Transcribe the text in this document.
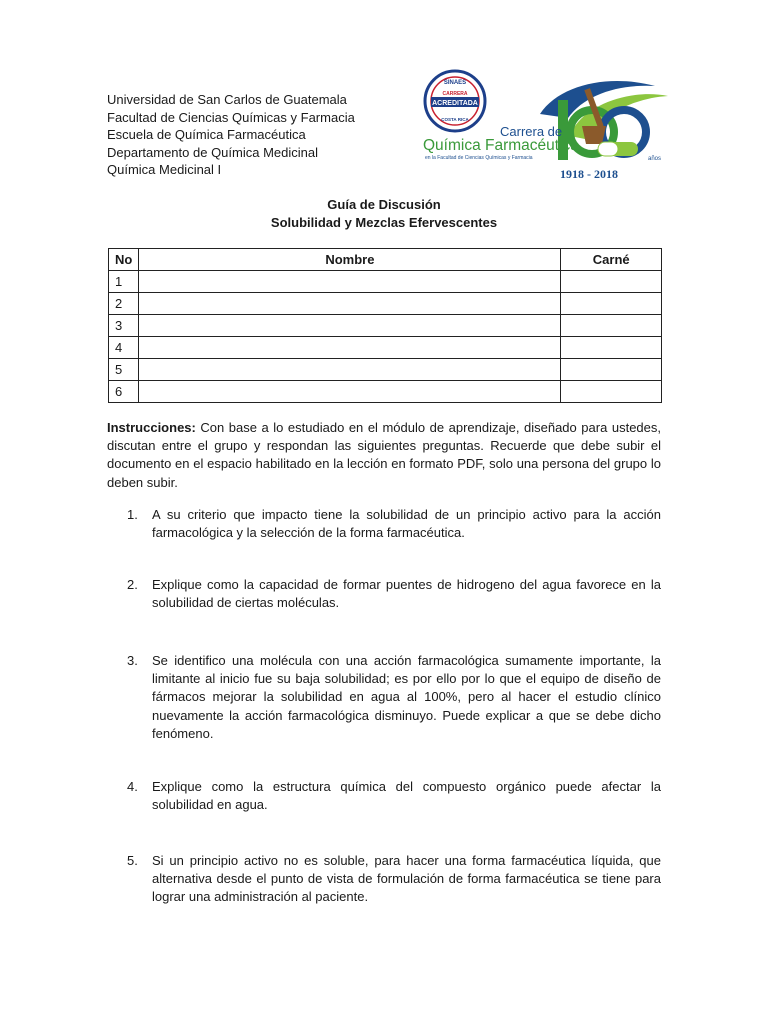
Universidad de San Carlos de Guatemala
Facultad de Ciencias Químicas y Farmacia
Escuela de Química Farmacéutica
Departamento de Química Medicinal
Química Medicinal I
SINAES
CARRERA
ACREDITADA
COSTA RICA
Carrera de
Química Farmacéutica
en la Facultad de Ciencias Químicas y Farmacia	años
1918 - 2018
Guía de Discusión
Solubilidad y Mezclas Efervescentes
No	Nombre	Carné
1		
2		
3		
4		
5		
6		
Instrucciones: Con base a lo estudiado en el módulo de aprendizaje, diseñado para ustedes, discutan entre el grupo y respondan las siguientes preguntas. Recuerde que debe subir el documento en el espacio habilitado en la lección en formato PDF, solo una persona del grupo lo deben subir.
1. A su criterio que impacto tiene la solubilidad de un principio activo para la acción farmacológica y la selección de la forma farmacéutica.
2. Explique como la capacidad de formar puentes de hidrogeno del agua favorece en la solubilidad de ciertas moléculas.
3. Se identifico una molécula con una acción farmacológica sumamente importante, la limitante al inicio fue su baja solubilidad; es por ello por lo que el equipo de diseño de fármacos mejorar la solubilidad en agua al 100%, pero al hacer el estudio clínico nuevamente la acción farmacológica disminuyo. Puede explicar a que se debe dicho fenómeno.
4. Explique como la estructura química del compuesto orgánico puede afectar la solubilidad en agua.
5. Si un principio activo no es soluble, para hacer una forma farmacéutica líquida, que alternativa desde el punto de vista de formulación de forma farmacéutica se tiene para lograr una administración al paciente.
